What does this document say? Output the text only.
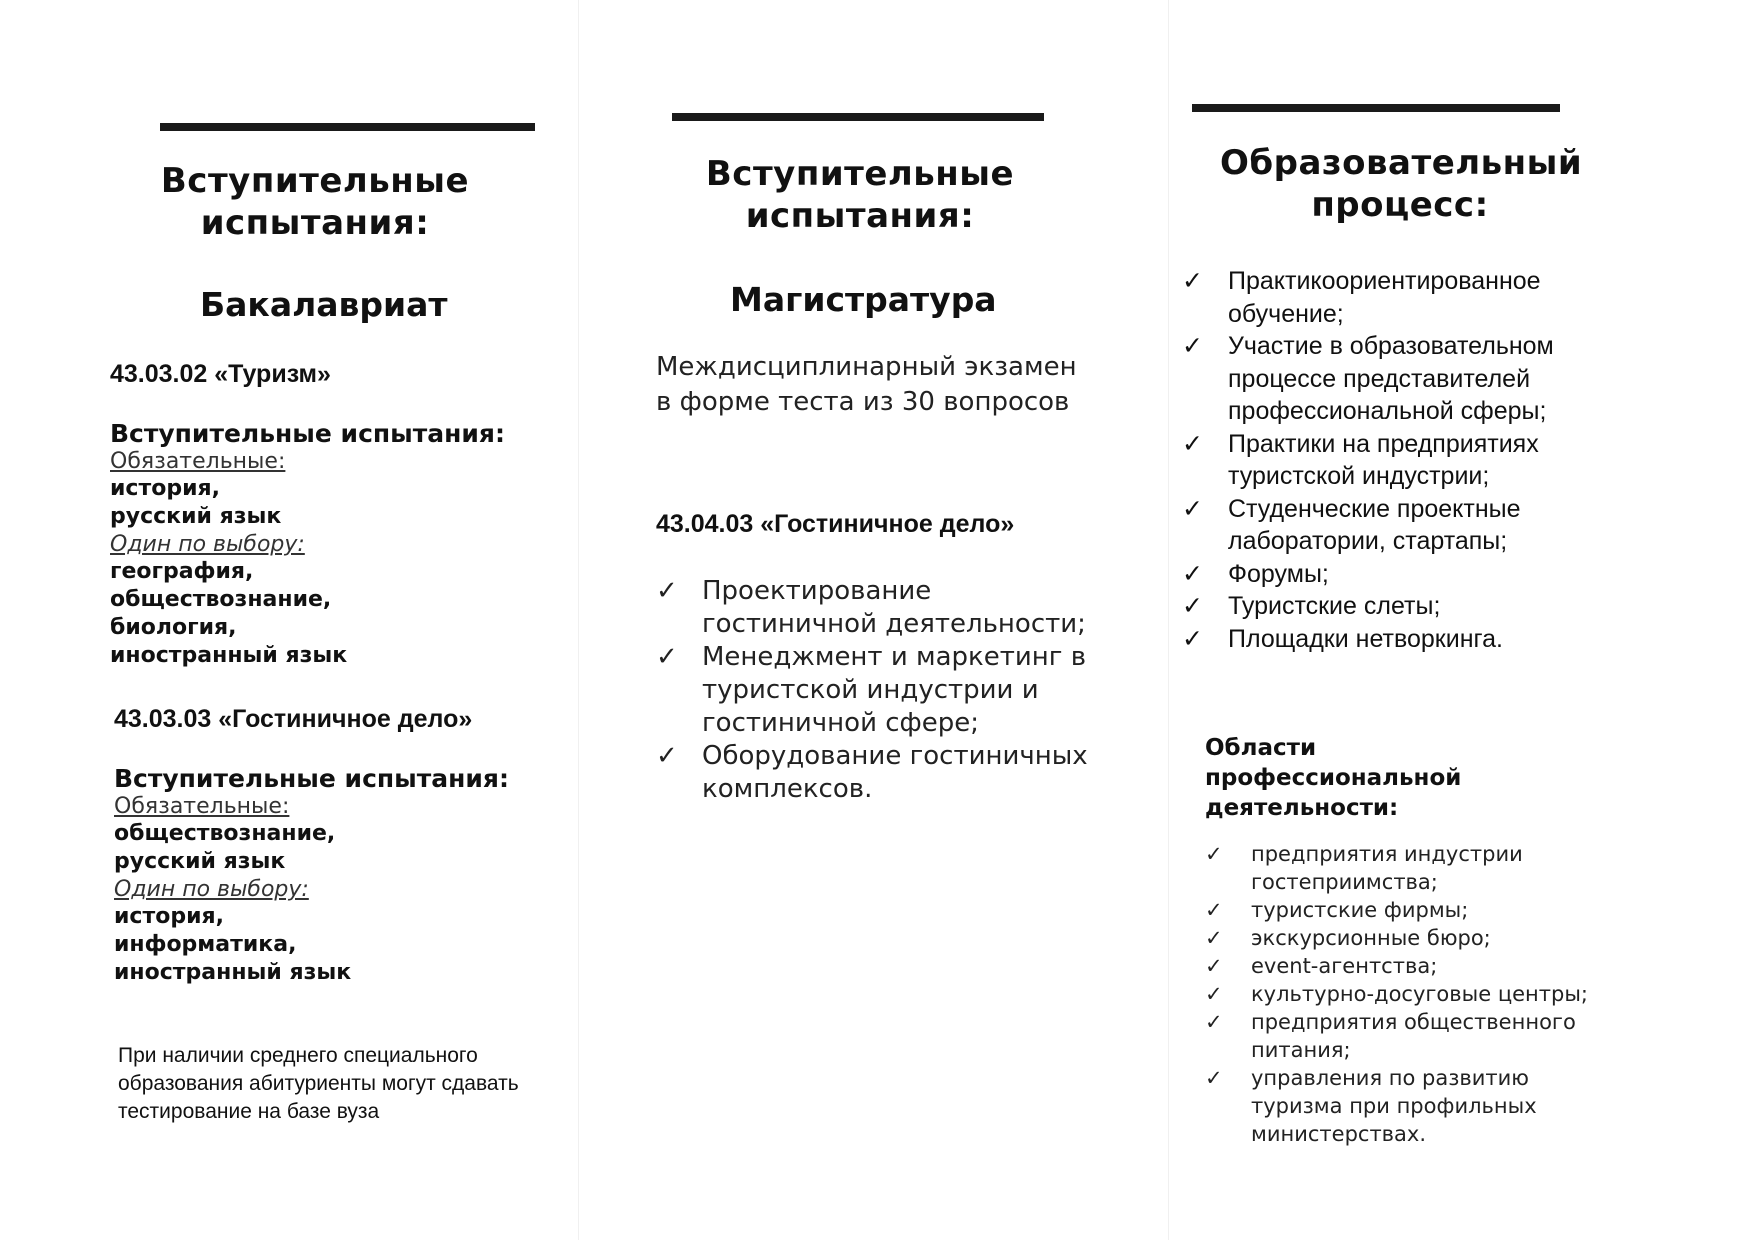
Вступительные испытания:
Бакалавриат
43.03.02 «Туризм»
Вступительные испытания:
Обязательные:
история,
русский язык
Один по выбору:
география,
обществознание,
биология,
иностранный язык
43.03.03 «Гостиничное дело»
Вступительные испытания:
Обязательные:
обществознание,
русский язык
Один по выбору:
история,
информатика,
иностранный язык
При наличии среднего специального образования абитуриенты могут сдавать тестирование на базе вуза
Вступительные испытания:
Магистратура
Междисциплинарный экзамен в форме теста из 30 вопросов
43.04.03 «Гостиничное дело»
✓ Проектирование гостиничной деятельности;
✓ Менеджмент и маркетинг в туристской индустрии и гостиничной сфере;
✓ Оборудование гостиничных комплексов.
Образовательный процесс:
✓ Практикоориентированное обучение;
✓ Участие в образовательном процессе представителей профессиональной сферы;
✓ Практики на предприятиях туристской индустрии;
✓ Студенческие проектные лаборатории, стартапы;
✓ Форумы;
✓ Туристские слеты;
✓ Площадки нетворкинга.
Области профессиональной деятельности:
✓ предприятия индустрии гостеприимства;
✓ туристские фирмы;
✓ экскурсионные бюро;
✓ event-агентства;
✓ культурно-досуговые центры;
✓ предприятия общественного питания;
✓ управления по развитию туризма при профильных министерствах.
